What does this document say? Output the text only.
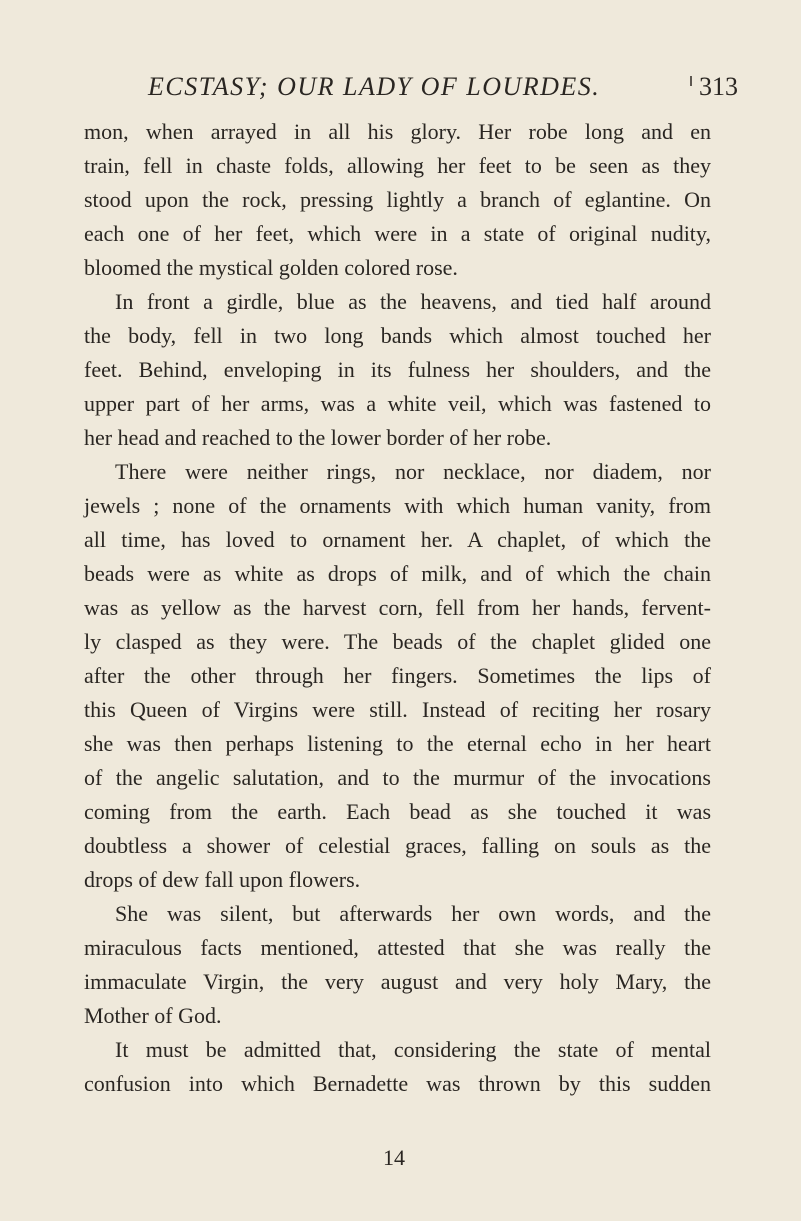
ECSTASY; OUR LADY OF LOURDES.	313
mon, when arrayed in all his glory. Her robe long and en
train, fell in chaste folds, allowing her feet to be seen as they
stood upon the rock, pressing lightly a branch of eglantine. On
each one of her feet, which were in a state of original nudity,
bloomed the mystical golden colored rose.
In front a girdle, blue as the heavens, and tied half around
the body, fell in two long bands which almost touched her
feet. Behind, enveloping in its fulness her shoulders, and the
upper part of her arms, was a white veil, which was fastened to
her head and reached to the lower border of her robe.
There were neither rings, nor necklace, nor diadem, nor
jewels ; none of the ornaments with which human vanity, from
all time, has loved to ornament her. A chaplet, of which the
beads were as white as drops of milk, and of which the chain
was as yellow as the harvest corn, fell from her hands, fervent-
ly clasped as they were. The beads of the chaplet glided one
after the other through her fingers. Sometimes the lips of
this Queen of Virgins were still. Instead of reciting her rosary
she was then perhaps listening to the eternal echo in her heart
of the angelic salutation, and to the murmur of the invocations
coming from the earth. Each bead as she touched it was
doubtless a shower of celestial graces, falling on souls as the
drops of dew fall upon flowers.
She was silent, but afterwards her own words, and the
miraculous facts mentioned, attested that she was really the
immaculate Virgin, the very august and very holy Mary, the
Mother of God.
It must be admitted that, considering the state of mental
confusion into which Bernadette was thrown by this sudden
14
